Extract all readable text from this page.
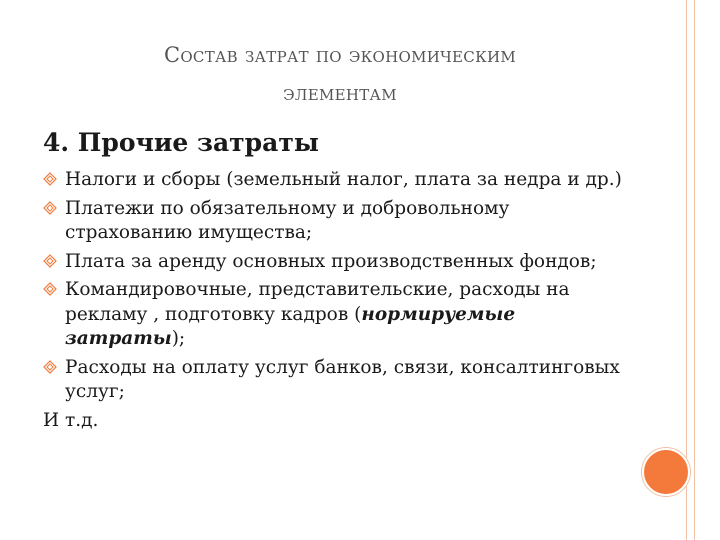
Состав затрат по экономическим
элементам
4. Прочие затраты
Налоги и сборы (земельный налог, плата за недра и др.)
Платежи по обязательному и добровольному страхованию имущества;
Плата за аренду основных производственных фондов;
Командировочные, представительские, расходы на рекламу , подготовку кадров (нормируемые затраты);
Расходы на оплату услуг банков, связи, консалтинговых услуг;
И т.д.
